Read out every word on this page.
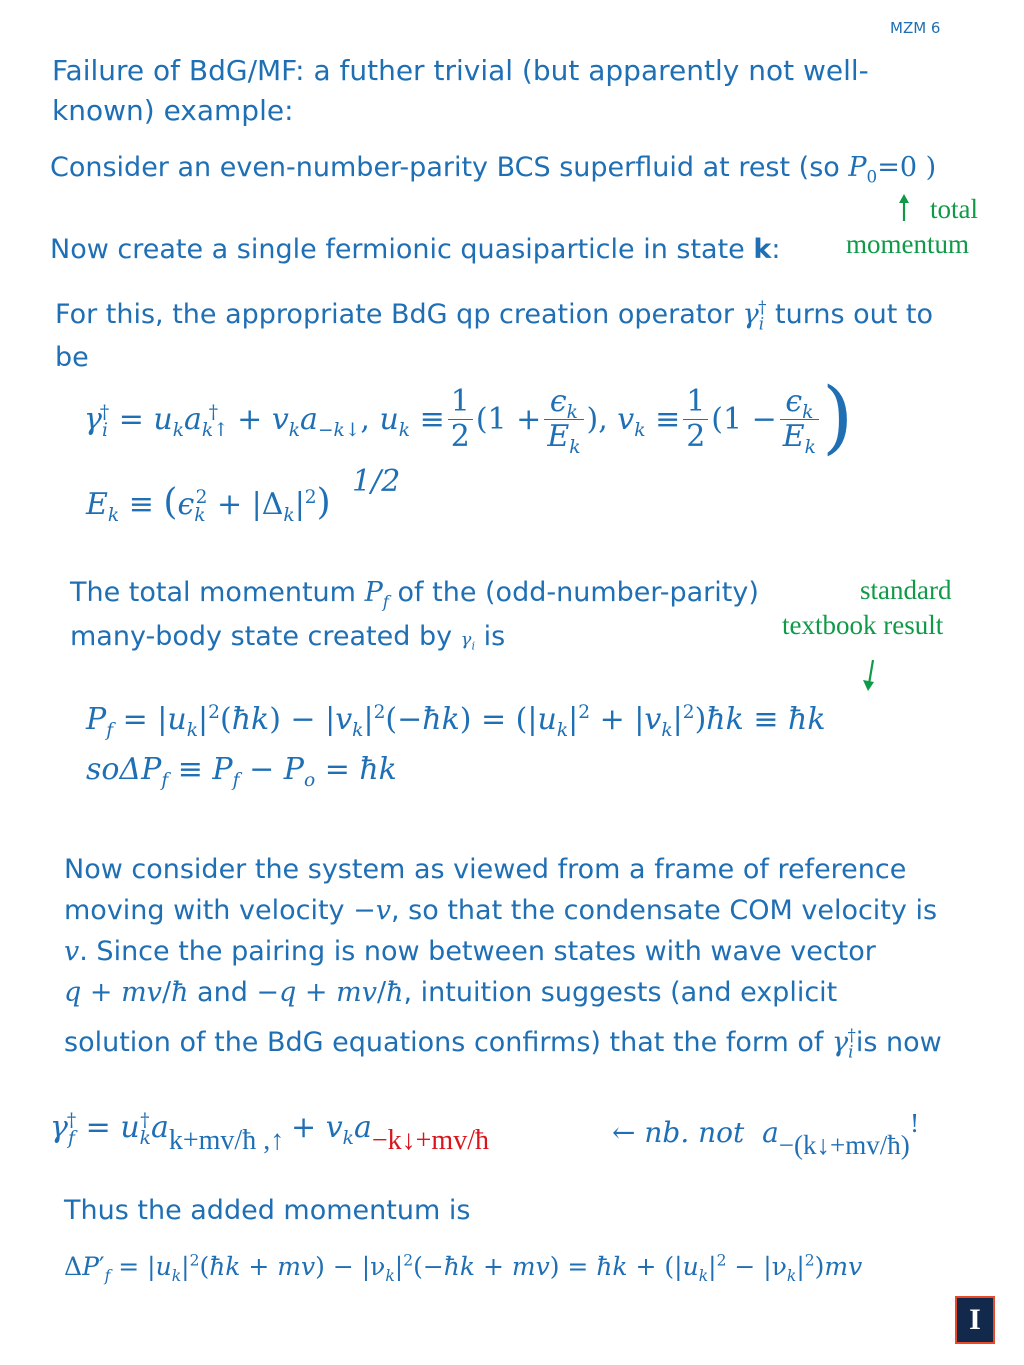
MZM 6
Failure of BdG/MF: a futher trivial (but apparently not well-
known) example:
Consider an even-number-parity BCS superfluid at rest (so $P_0=0$ )
total
momentum
Now create a single fermionic quasiparticle in state k:
For this, the appropriate BdG qp creation operator $\gamma_i^\dagger$ turns out to
be
$\gamma_i^\dagger = u_ka_{k↑}^\dagger + v_ka_{-k↓}$, $u_k \equiv \frac{1}{2} (1 + \frac{\epsilon_k}{E_k}$ ), $v_k \equiv \frac{1}{2} (1 - \frac{\epsilon_k}{E_k}$ )
$E_k \equiv (\epsilon_k^2 + |\Delta_k|^2)$
1/2
The total momentum $P_f$ of the (odd-number-parity)
many-body state created by $\gamma_i$ is
standard
textbook result
$P_f$ = $|u_k|^2(ħk)$ − $|v_k|^2(-ħk) = (|u_k|^2$ + $|v_k|^2)ħk$ ≡ ħk
$so\Delta P_f \equiv P_f - P_o$ = ħk
Now consider the system as viewed from a frame of reference
moving with velocity −v, so that the condensate COM velocity is
v. Since the pairing is now between states with wave vector
q + mv/ħ and −q + mv/ħ, intuition suggests (and explicit
solution of the BdG equations confirms) that the form of $\gamma_i^\dagger is$ now
$\gamma_f^\dagger$ = $u_kak+mv/ħ$ ,↑†	+ $v_ka-k↓+mv/ħ$	← nb. not  a−(k↓+mv/ħ)!
Thus the added momentum is
$\Delta P'_f$ = $|u_k|^2(ħk + mv)$ − $|\nu_k|^2(-ħk + mv)$ = ħk + $(|u_k|^2 - |\nu_k|^2)mv$
I
